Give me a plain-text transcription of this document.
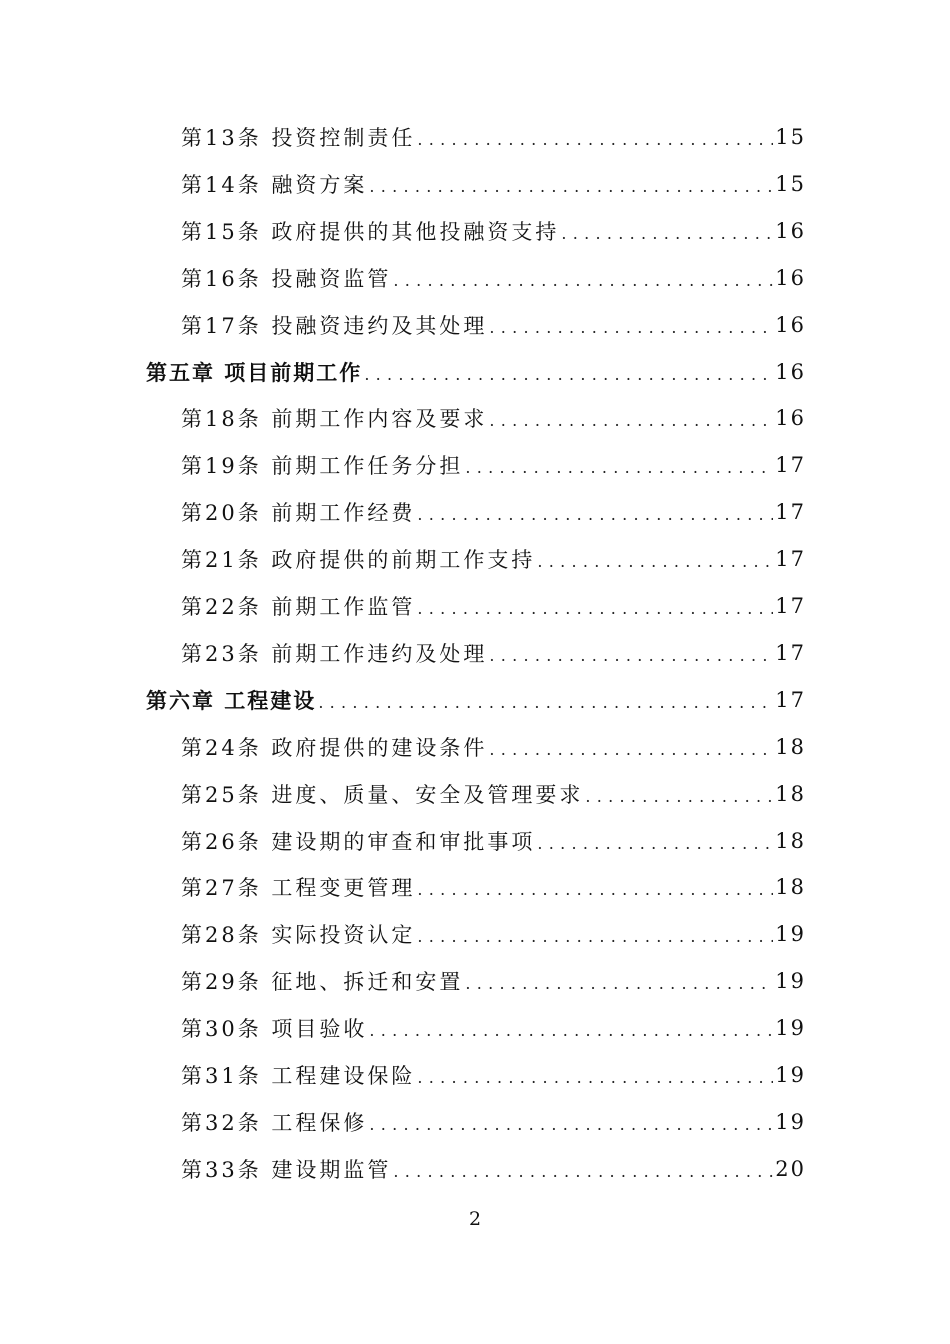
第13条 投资控制责任 . . .	15
第14条 融资方案 . . .	15
第15条 政府提供的其他投融资支持 . . .	16
第16条 投融资监管 . . .	16
第17条 投融资违约及其处理 . . .	16
第五章 项目前期工作 . . .	16
第18条 前期工作内容及要求 . . .	16
第19条 前期工作任务分担 . . .	17
第20条 前期工作经费 . . .	17
第21条 政府提供的前期工作支持 . . .	17
第22条 前期工作监管 . . .	17
第23条 前期工作违约及处理 . . .	17
第六章 工程建设 . . .	17
第24条 政府提供的建设条件 . . .	18
第25条 进度、质量、安全及管理要求 . . .	18
第26条 建设期的审查和审批事项 . . .	18
第27条 工程变更管理 . . .	18
第28条 实际投资认定 . . .	19
第29条 征地、拆迁和安置 . . .	19
第30条 项目验收 . . .	19
第31条 工程建设保险 . . .	19
第32条 工程保修 . . .	19
第33条 建设期监管 . . .	20
2
